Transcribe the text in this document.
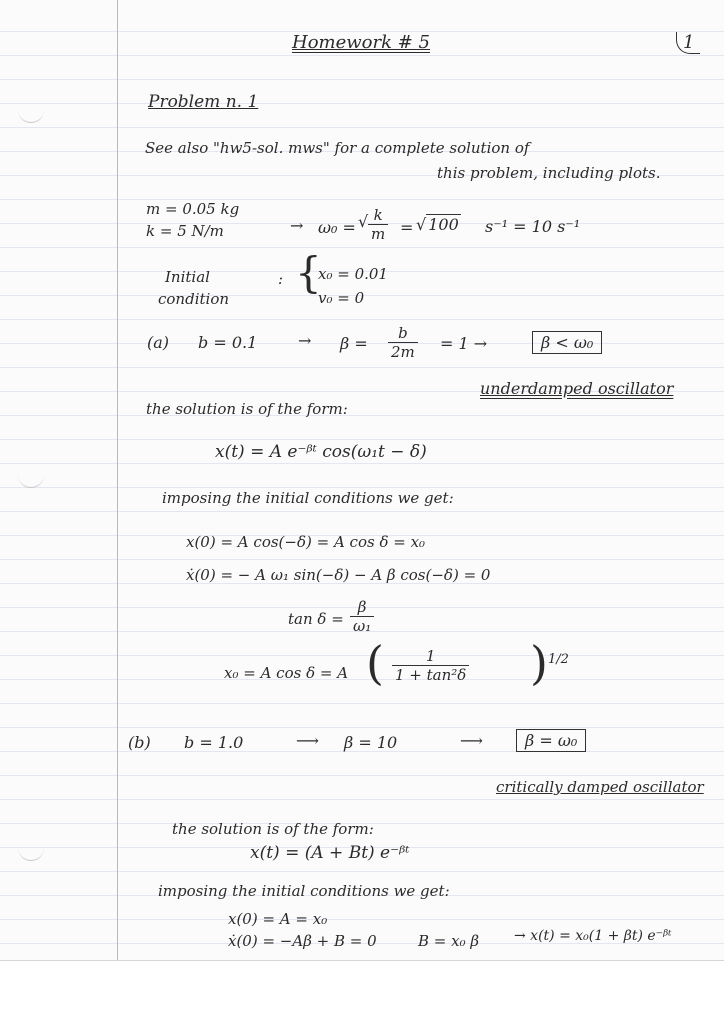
Homework # 5	1
Problem n. 1
See also "hw5-sol. mws" for a complete solution of
this problem, including plots.
m = 0.05 kg
k = 5 N/m	→ ω₀ = √ $\frac{k}{m}$ = √ 100 s⁻¹ = 10 s⁻¹
Initial
condition
: {
x₀ = 0.01
v₀ = 0
(a) b = 0.1	→ $\beta = \frac{b}{2m} = 1$ →	β < ω₀
underdamped oscillator
the solution is of the form:
x(t) = A e⁻ᵝᵗ cos(ω₁t − δ)
imposing the initial conditions we get:
x(0) = A cos(−δ) = A cos δ = x₀
ẋ(0) = − A ω₁ sin(−δ) − A β cos(−δ) = 0
$\tan \delta = \frac{\beta}{\text{ω₁}}$
x₀ = A cos δ = A ( $\frac{1}{\text{1 + tan²δ}}$ ) 1/2
(b) b = 1.0	⟶ β = 10	⟶	β = ω₀
critically damped oscillator
the solution is of the form:
x(t) = (A + Bt) e⁻ᵝᵗ
imposing the initial conditions we get:
x(0) = A = x₀
ẋ(0) = −Aβ + B = 0	B = x₀ β → x(t) = x₀(1 + βt) e⁻ᵝᵗ
